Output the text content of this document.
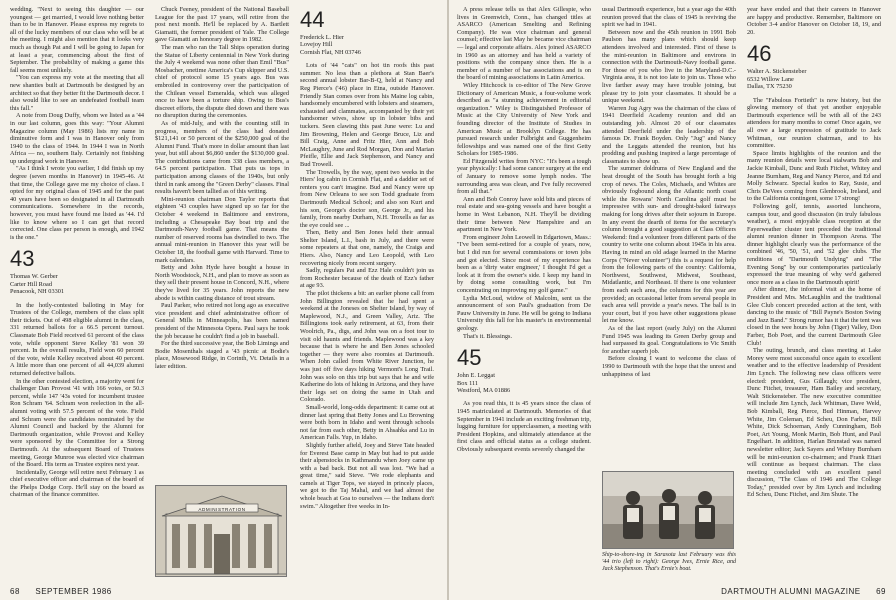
wedding. "Next to seeing this daughter — our youngest — get married, I would love nothing better than to be in Hanover. Please express my regrets to all of the lucky members of our class who will be at the meeting. I might also mention that it looks very much as though Pat and I will be going to Japan for at least a year, commencing about the first of September. The probability of making a game this fall seems most unlikely.

"You can express my vote at the meeting that all new shanties built at Dartmouth be designed by an architect so that they better fit the Dartmouth decor. I also would like to see an undefeated football team this fall."

A note from Doug Duffy, whom we listed as a '44 in our last column, goes this way: "Your Alumni Magazine column (May 1986) lists my name in diminutive form and I was in Hanover only from 1940 to the class of 1944. In 1944 I was in North Africa — no, southern Italy. Certainly not finishing up undergrad work in Hanover.

"As I think I wrote you earlier, I did finish up my degree (seven months in Hanover) in 1945-46. At that time, the College gave me my choice of class. I opted for my original class of 1945 and for the past 40 years have been so designated in all Dartmouth communications. Somewhere in the records, however, you must have found me listed as '44. I'd like to know where so I can get that record corrected. One class per person is enough, and 1942 is the one."

43
Thomas W. Gerber
Carter Hill Road
Penacook, NH 03301

In the hotly-contested balloting in May for Trustees of the College, members of the class split their tickets. Out of 498 eligible alumni in the class, 331 returned ballots for a 66.5 percent turnout. Classmate Bob Field received 61 percent of the class vote, while opponent Steve Kelley '81 won 39 percent. In the overall results, Field won 60 percent of the vote, while Kelley received about 40 percent. A little more than one percent of all 44,039 alumni returned defective ballots.

In the other contested election, a majority went for challenger Dan Provost '41 with 166 votes, or 50.3 percent, while 147 '43s voted for incumbent trustee Ron Schram '64. Schram won reelection in the all-alumni voting with 57.5 percent of the vote. Field and Schram were the candidates nominated by the Alumni Council and backed by the Alumni for Dartmouth organization, while Provost and Kelley were sponsored by the Committee for a Strong Dartmouth. At the subsequent Board of Trustees meeting, George Munroe was elected vice chairman of the Board. His term as Trustee expires next year.

Incidentally, George will retire next February 1 as chief executive officer and chairman of the board of the Phelps Dodge Corp. He'll stay on the board as chairman of the finance committee.

Chuck Feeney, president of the National Baseball League for the past 17 years, will retire from the post next month. He'll be replaced by A. Bartlett Giamatti, the former president of Yale. The College gave Giamatti an honorary degree in 1982.

The man who ran the Tall Ships operation during the Statue of Liberty centennial in New York during the July 4 weekend was none other than Emil "Bus" Mosbacher, onetime America's Cup skipper and U.S. chief of protocol some 15 years ago. Bus was embroiled in controversy over the participation of the Chilean vessel Esmeralda, which was alleged once to have been a torture ship. Owing to Bus's discreet efforts, the dispute died down and there was no disruption during the ceremonies.

As of mid-July, and with the counting still in progress, members of the class had donated $121,141 or 50 percent of the $250,000 goal of the Alumni Fund. That's more in dollar amount than last year, but still about $6,860 under the $130,000 goal. The contributions came from 338 class members, a 64.5 percent participation. That puts us tops in participation among classes of the 1940s, but only third in rank among the "Green Derby" classes. Final results haven't been tallied as of this writing.

Mini-reunion chairman Don Taylor reports that eighteen '43 couples have signed up so far for the October 4 weekend in Baltimore and environs, including a Chesapeake Bay boat trip and the Dartmouth-Navy football game. That means the number of reserved rooms has dwindled to two. The annual mini-reunion in Hanover this year will be October 18, the football game with Harvard. Time to mark calendars.

Betty and John Hyde have bought a house in North Woodstock, N.H., and plan to move as soon as they sell their present house in Concord, N.H., where they've lived for 35 years. John reports the new abode is within casting distance of trout stream.

Paul Parker, who retired not long ago as executive vice president and chief administrative officer of General Mills in Minneapolis, has been named president of the Minnesota Opera. Paul says he took the job because he couldn't find a job in baseball.

For the third successive year, the Bob Limings and Bodie Mosenthals staged a '43 picnic at Bodie's place, Mosewood Ridge, in Corinth, Vt. Details in a later edition.

ADMINISTRATION
44
Frederick L. Hier
Lovejoy Hill
Cornish Flat, NH 03746

Lots of '44 "cats" on hot tin roofs this past summer. No less than a plethora at Stan Baer's second annual lobster Bar-B-Q, held at Nancy and Reg Pierce's ('46) place in Etna, outside Hanover. Friendly Stan comes over from his Maine log cabin, handsomely encumbered with lobsters and steamers, exhausted and clammates, accompanied by their yet handsomer wives, show up in lobster bibs and tuckers. Seen clawing this past June were: Lu and Jim Browning, Helen and George Bruce, Liz and Bill Craig, Anne and Fritz Hier, Ann and Bob McLaughry, June and Rod Morgan, Don and Marian Pfeifle, Ellie and Jack Stephenson, and Nancy and Bud Trowell.

The Trowells, by the way, spent two weeks in the Hiers' log cabin in Cornish Flat, and a daddier set of renters you can't imagine. Bud and Nancy were up from New Orleans to see son Todd graduate from Dartmouth Medical School; and also son Kurt and his son, George's doctor son, George Jr., and his family, from nearby Durham, N.H. Troxells as far as the eye could see ...

Then, Betty and Ben Jones held their annual Shelter Island, L.I., bash in July, and there were some repeaters at that one, namely, the Craigs and Hiers. Also, Nancy and Leo Leopold, with Leo recovering nicely from recent surgery.

Sadly, regulars Pat and Ezz Hale couldn't join us from Rochester because of the death of Ezz's father at age 93.

The pilot thickens a bit: an earlier phone call from John Billington revealed that he had spent a weekend at the Joneses on Shelter Island, by way of Maplewood, N.J., and Green Valley, Ariz. The Billingtons took early retirement, at 63, from their Woolrich, Pa., digs, and John was on a foot tour to visit old haunts and friends. Maplewood was a key because that is where he and Ben Jones schooled together — they were also roomies at Dartmouth. When John called from White River Junction, he was just off five days hiking Vermont's Long Trail. John was solo on this trip but says that he and wife Katherine do lots of hiking in Arizona, and they have their legs set on doing the same in Utah and Colorado.

Small-world, long-odds department: it came out at dinner last spring that Betty Jones and Lu Browning were both born in Idaho and went through schools not far from each other, Betty in Ahsahka and Lu in American Falls. Yup, in Idaho.

Slightly further afield, Joey and Steve Tate headed for Everest Base camp in May but had to put aside their alpenstocks in Kathmandu when Joey came up with a bad back. But not all was lost. "We had a great time," said Steve. "We rode elephants and camels at Tiger Tops, we stayed in princely places, we got to the Taj Mahal, and we had almost the whole beach at Goa to ourselves — the Indians don't swim." Altogether five weeks in In-

68 SEPTEMBER 1986

A press release tells us that Alex Gillespie, who lives in Greenwich, Conn., has changed titles at ASARCO (American Smelting and Refining Company). He was vice chairman and general counsel; effective last May he became vice chairman — legal and corporate affairs. Alex joined ASARCO in 1960 as an attorney and has held a variety of positions with the company since then. He is a member of a number of bar associations and is on the board of mining associations in Latin America.

Wiley Hitchcock is co-editor of The New Grove Dictionary of American Music, a four-volume work described as "a stunning achievement in editorial organization." Wiley is Distinguished Professor of Music at the City University of New York and founding director of the Institute of Studies in American Music at Brooklyn College. He has pursued research under Fulbright and Guggenheim fellowships and was named one of the first Getty Scholars for 1985-1986.

Ed Fitzgerald writes from NYC: "It's been a tough year physically: I had some cancer surgery at the end of January to remove some lymph nodes. The surrounding area was clean, and I've fully recovered from all that."

Ann and Bob Conroy have sold bits and pieces of real estate and sea-going vessels and have bought a home in West Lebanon, N.H. They'll be dividing their time between New Hampshire and an apartment in New York.

From engineer John Leowell in Edgartown, Mass.: "I've been semi-retired for a couple of years, now, but I did run for several commissions or town jobs and got elected. Since most of my experience has been as a 'dirty water engineer,' I thought I'd get a look at it from the owner's side. I keep my hand in by doing some consulting work, but I'm concentrating on improving my golf game."

Lydia McLoud, widow of Malcolm, sent us the announcement of son Paul's graduation from De Pauw University in June. He will be going to Indiana University this fall for his master's in environmental geology.

That's it. Blessings.

45
John E. Leggat
Box 111
Westford, MA 01886

As you read this, it is 45 years since the class of 1945 matriculated at Dartmouth. Memories of that September in 1941 include an exciting freshman trip, lugging furniture for upperclassmen, a meeting with President Hopkins, and ultimately attendance at the first class and official status as a college student. Obviously subsequent events severely changed the

usual Dartmouth experience, but a year ago the 40th reunion proved that the class of 1945 is reviving the spirit we had in 1941.

Between now and the 45th reunion in 1991 Bob Paulson has many plans which should keep attendees involved and interested. First of these is the mini-reunion in Baltimore and environs in connection with the Dartmouth-Navy football game. For those of you who live in the Maryland-D.C.-Virginia area, it is not too late to join us. Those who live farther away may have trouble joining, but please try to join your classmates. It should be a unique weekend.

Warren Jug Agry was the chairman of the class of 1941 Deerfield Academy reunion and did an outstanding job. Almost 20 of our classmates attended Deerfield under the leadership of the famous Dr. Frank Boyden. Only "Jug" and Nancy and the Leggats attended the reunion, but his prodding and pushing inspired a large percentage of classmates to show up.

The summer doldrums of New England and the heat drought of the South has brought forth a big crop of news. The Coles, Michaels, and Whites are obviously fogbound along the Atlantic north coast while the Rowans' North Carolina golf must be impressive with sun- and drought-baked fairways making for long drives after their sojourn in Europe. In any event the dearth of items for the secretary's column brought a good suggestion at Class Officers Weekend: find a volunteer from different parts of the country to write one column about 1945s in his area. Having in mind an old adage learned in the Marine Corps ("Never volunteer") this is a request for help from the following parts of the country: California, Northwest, Southwest, Midwest, Southeast, Midatlantic, and Northeast. If there is one volunteer from each each area, the columns for this year are provided; an occasional letter from several people in each area will provide a year's news. The ball is in your court, but if you have other suggestions please let me know.

As of the last report (early July) on the Alumni Fund 1945 was leading its Green Derby group and had surpassed its goal. Congratulations to Vic Smith for another superb job.

Before closing I want to welcome the class of 1990 to Dartmouth with the hope that the unrest and unhappiness of last

Ship-to-shore-ing in Sarasota last February was this '44 trio (left to right): George Ives, Ernie Rice, and Jack Stephenson. That's Ernie's boat.

year have ended and that their careers in Hanover are happy and productive. Remember, Baltimore on October 3-4 and/or Hanover on October 18, 19, and 20.

46
Walter A. Stickensteber
6532 Willow Lane
Dallas, TX 75230

The "Fabulous Fortieth" is now history, but the glowing memory of that yet another enjoyable Dartmouth experience will be with all of the 243 attendees for many months to come! Once again, we all owe a large expression of gratitude to Jack Whitman, our reunion chairman, and to his committee.

Space limits highlights of the reunion and the many reunion details were local stalwarts Bob and Jackie Kimball, Dunc and Ruth Fitchet, Whitey and Jeanne Burnham, Reg and Nancy Pierce, and Ed and Molly Schwarz. Special kudos to Ray, Susie, and Chris DeVees coming from Glenbrook, Ireland, and to the California contingent, some 17 strong!

Following golf, tennis, assorted luncheons, campus tour, and good discussion (in truly fabulous weather), a most enjoyable class reception at the Fayerweather cluster tent preceded the traditional alumni reunion dinner in Thompson Arena. The dinner highlight clearly was the performance of the combined '46, '50, '51, and '52 glee clubs. The renditions of "Dartmouth Undying" and "The Evening Song" by our contemporaries particularly expressed the true meaning of why we'd gathered once more as a class in the Dartmouth spirit!

After dinner, the informal visit at the home of President and Mrs. McLaughlin and the traditional Glee Club concert preceded action at the tent, with dancing to the music of "Bill Payne's Boston Swing and Jazz Band." Strong rumor has it that the tent was closed in the wee hours by John (Tiger) Valley, Don Farber, Bob Poet, and the current Dartmouth Glee Club!

The outing, brunch, and class meeting at Lake Morey were most successful once again to excellent weather and to the effective leadership of President Jim Lynch. The following new class officers were elected: president, Gus Gillaugh; vice president, Dunc Fitchet, treasurer, Ham Bailey and secretary, Walt Stickensteber. The new executive committee will include Jim Lynch, Jack Whitman, Dave Weld, Bob Kimball, Reg Pierce, Bud Hinman, Harvey White, Jim Coleman, Ed Scheu, Don Farber, Bill White, Dick Schoeman, Andy Cunningham, Bob Poet, Art Young, Monk Martin, Bob Hunt, and Paul Engelhart. In addition, Harlan Brunstad was named newsletter editor; Jack Sayers and Whitey Burnham will be mini-reunion co-chairmen; and Frank Ettari will continue as bequest chairman. The class meeting concluded with an excellent panel discussion, "The Class of 1946 and The College Today," presided over by Jim Lynch and including Ed Scheu, Dunc Fitchet, and Jim Shute. The

DARTMOUTH ALUMNI MAGAZINE 69
